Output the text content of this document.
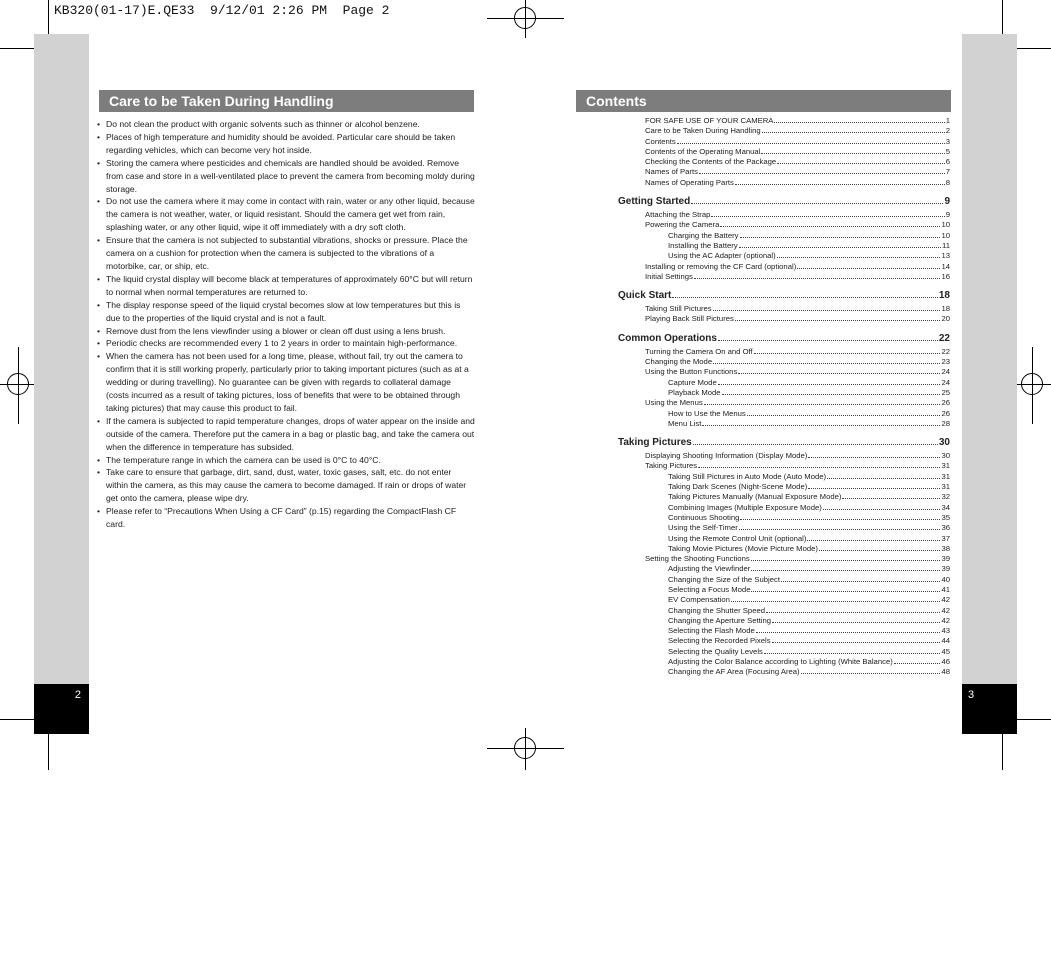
KB320(01-17)E.QE33  9/12/01 2:26 PM  Page 2
2	3
Care to be Taken During Handling
• Do not clean the product with organic solvents such as thinner or alcohol benzene.
• Places of high temperature and humidity should be avoided. Particular care should be taken regarding vehicles, which can become very hot inside.
• Storing the camera where pesticides and chemicals are handled should be avoided. Remove from case and store in a well-ventilated place to prevent the camera from becoming moldy during storage.
• Do not use the camera where it may come in contact with rain, water or any other liquid, because the camera is not weather, water, or liquid resistant. Should the camera get wet from rain, splashing water, or any other liquid, wipe it off immediately with a dry soft cloth.
• Ensure that the camera is not subjected to substantial vibrations, shocks or pressure. Place the camera on a cushion for protection when the camera is subjected to the vibrations of a motorbike, car, or ship, etc.
• The liquid crystal display will become black at temperatures of approximately 60°C but will return to normal when normal temperatures are returned to.
• The display response speed of the liquid crystal becomes slow at low temperatures but this is due to the properties of the liquid crystal and is not a fault.
• Remove dust from the lens viewfinder using a blower or clean off dust using a lens brush.
• Periodic checks are recommended every 1 to 2 years in order to maintain high-performance.
• When the camera has not been used for a long time, please, without fail, try out the camera to confirm that it is still working properly, particularly prior to taking important pictures (such as at a wedding or during travelling). No guarantee can be given with regards to collateral damage (costs incurred as a result of taking pictures, loss of benefits that were to be obtained through taking pictures) that may cause this product to fail.
• If the camera is subjected to rapid temperature changes, drops of water appear on the inside and outside of the camera. Therefore put the camera in a bag or plastic bag, and take the camera out when the difference in temperature has subsided.
• The temperature range in which the camera can be used is 0°C to 40°C.
• Take care to ensure that garbage, dirt, sand, dust, water, toxic gases, salt, etc. do not enter within the camera, as this may cause the camera to become damaged. If rain or drops of water get onto the camera, please wipe dry.
• Please refer to “Precautions When Using a CF Card” (p.15) regarding the CompactFlash CF card.
Contents
FOR SAFE USE OF YOUR CAMERA	1
Care to be Taken During Handling	2
Contents	3
Contents of the Operating Manual	5
Checking the Contents of the Package	6
Names of Parts	7
Names of Operating Parts	8
Getting Started	9
Attaching the Strap	9
Powering the Camera	10
Charging the Battery	10
Installing the Battery	11
Using the AC Adapter (optional)	13
Installing or removing the CF Card (optional)	14
Initial Settings	16
Quick Start	18
Taking Still Pictures	18
Playing Back Still Pictures	20
Common Operations	22
Turning the Camera On and Off	22
Changing the Mode	23
Using the Button Functions	24
Capture Mode	24
Playback Mode	25
Using the Menus	26
How to Use the Menus	26
Menu List	28
Taking Pictures	30
Displaying Shooting Information (Display Mode)	30
Taking Pictures	31
Taking Still Pictures in Auto Mode (Auto Mode)	31
Taking Dark Scenes (Night-Scene Mode)	31
Taking Pictures Manually (Manual Exposure Mode)	32
Combining Images (Multiple Exposure Mode)	34
Continuous Shooting	35
Using the Self-Timer	36
Using the Remote Control Unit (optional)	37
Taking Movie Pictures (Movie Picture Mode)	38
Setting the Shooting Functions	39
Adjusting the Viewfinder	39
Changing the Size of the Subject	40
Selecting a Focus Mode	41
EV Compensation	42
Changing the Shutter Speed	42
Changing the Aperture Setting	42
Selecting the Flash Mode	43
Selecting the Recorded Pixels	44
Selecting the Quality Levels	45
Adjusting the Color Balance according to Lighting (White Balance)	46
Changing the AF Area (Focusing Area)	48
